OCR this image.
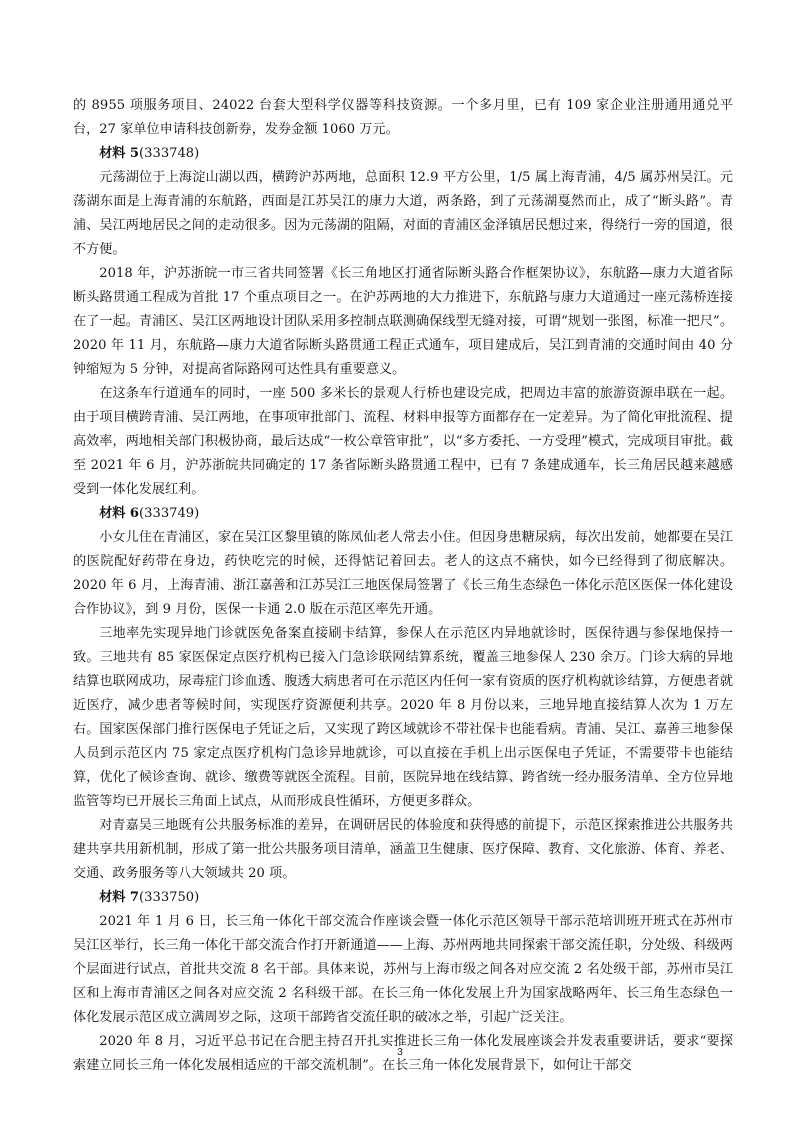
的 8955 项服务项目、24022 台套大型科学仪器等科技资源。一个多月里，已有 109 家企业注册通用通兑平台，27 家单位申请科技创新券，发券金额 1060 万元。

材料 5(333748)

元荡湖位于上海淀山湖以西，横跨沪苏两地，总面积 12.9 平方公里，1/5 属上海青浦，4/5 属苏州吴江。元荡湖东面是上海青浦的东航路，西面是江苏吴江的康力大道，两条路，到了元荡湖戛然而止，成了“断头路”。青浦、吴江两地居民之间的走动很多。因为元荡湖的阻隔，对面的青浦区金泽镇居民想过来，得绕行一旁的国道，很不方便。

2018 年，沪苏浙皖一市三省共同签署《长三角地区打通省际断头路合作框架协议》，东航路—康力大道省际断头路贯通工程成为首批 17 个重点项目之一。在沪苏两地的大力推进下，东航路与康力大道通过一座元荡桥连接在了一起。青浦区、吴江区两地设计团队采用多控制点联测确保线型无缝对接，可谓“规划一张图，标准一把尺”。2020 年 11 月，东航路—康力大道省际断头路贯通工程正式通车，项目建成后，吴江到青浦的交通时间由 40 分钟缩短为 5 分钟，对提高省际路网可达性具有重要意义。

在这条车行道通车的同时，一座 500 多米长的景观人行桥也建设完成，把周边丰富的旅游资源串联在一起。由于项目横跨青浦、吴江两地，在事项审批部门、流程、材料申报等方面都存在一定差异。为了简化审批流程、提高效率，两地相关部门积极协商，最后达成“一枚公章管审批”，以“多方委托、一方受理”模式，完成项目审批。截至 2021 年 6 月，沪苏浙皖共同确定的 17 条省际断头路贯通工程中，已有 7 条建成通车，长三角居民越来越感受到一体化发展红利。

材料 6(333749)

小女儿住在青浦区，家在吴江区黎里镇的陈凤仙老人常去小住。但因身患糖尿病，每次出发前，她都要在吴江的医院配好药带在身边，药快吃完的时候，还得惦记着回去。老人的这点不痛快，如今已经得到了彻底解决。2020 年 6 月，上海青浦、浙江嘉善和江苏吴江三地医保局签署了《长三角生态绿色一体化示范区医保一体化建设合作协议》，到 9 月份，医保一卡通 2.0 版在示范区率先开通。

三地率先实现异地门诊就医免备案直接刷卡结算，参保人在示范区内异地就诊时，医保待遇与参保地保持一致。三地共有 85 家医保定点医疗机构已接入门急诊联网结算系统，覆盖三地参保人 230 余万。门诊大病的异地结算也联网成功，尿毒症门诊血透、腹透大病患者可在示范区内任何一家有资质的医疗机构就诊结算，方便患者就近医疗，减少患者等候时间，实现医疗资源便利共享。2020 年 8 月份以来，三地异地直接结算人次为 1 万左右。国家医保部门推行医保电子凭证之后，又实现了跨区域就诊不带社保卡也能看病。青浦、吴江、嘉善三地参保人员到示范区内 75 家定点医疗机构门急诊异地就诊，可以直接在手机上出示医保电子凭证，不需要带卡也能结算，优化了候诊查询、就诊、缴费等就医全流程。目前，医院异地在线结算、跨省统一经办服务清单、全方位异地监管等均已开展长三角面上试点，从而形成良性循环，方便更多群众。

对青嘉吴三地既有公共服务标准的差异，在调研居民的体验度和获得感的前提下，示范区探索推进公共服务共建共享共用新机制，形成了第一批公共服务项目清单，涵盖卫生健康、医疗保障、教育、文化旅游、体育、养老、交通、政务服务等八大领域共 20 项。

材料 7(333750)

2021 年 1 月 6 日，长三角一体化干部交流合作座谈会暨一体化示范区领导干部示范培训班开班式在苏州市吴江区举行，长三角一体化干部交流合作打开新通道——上海、苏州两地共同探索干部交流任职，分处级、科级两个层面进行试点，首批共交流 8 名干部。具体来说，苏州与上海市级之间各对应交流 2 名处级干部，苏州市吴江区和上海市青浦区之间各对应交流 2 名科级干部。在长三角一体化发展上升为国家战略两年、长三角生态绿色一体化发展示范区成立满周岁之际，这项干部跨省交流任职的破冰之举，引起广泛关注。

2020 年 8 月，习近平总书记在合肥主持召开扎实推进长三角一体化发展座谈会并发表重要讲话，要求“要探索建立同长三角一体化发展相适应的干部交流机制”。在长三角一体化发展背景下，如何让干部交

3
